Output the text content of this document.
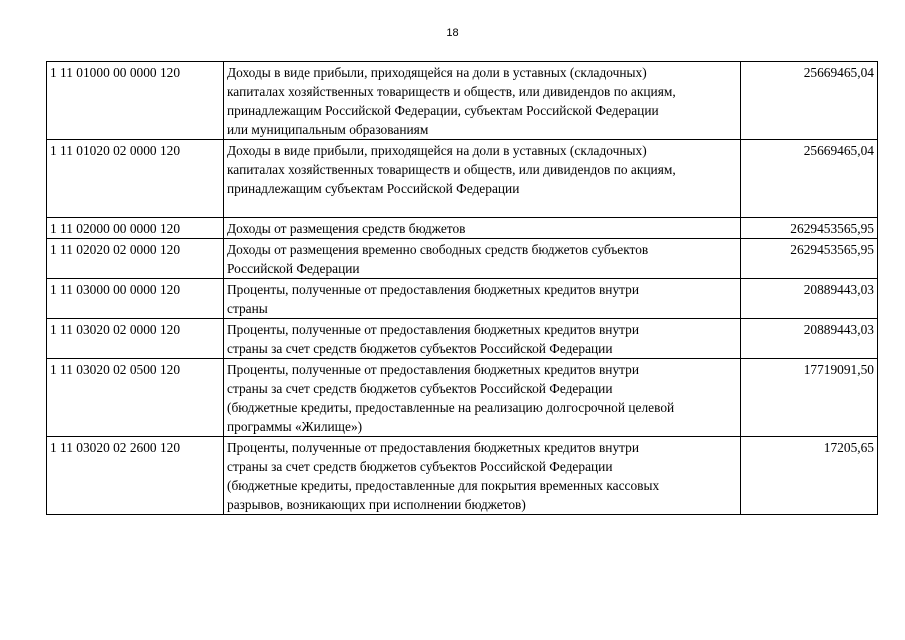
18
1 11 01000 00 0000 120	Доходы в виде прибыли, приходящейся на доли в уставных (складочных)
капиталах хозяйственных товариществ и обществ, или дивидендов по акциям,
принадлежащим Российской Федерации, субъектам Российской Федерации
или муниципальным образованиям	25669465,04
1 11 01020 02 0000 120	Доходы в виде прибыли, приходящейся на доли в уставных (складочных)
капиталах хозяйственных товариществ и обществ, или дивидендов по акциям,
принадлежащим субъектам Российской Федерации	25669465,04
1 11 02000 00 0000 120	Доходы от размещения средств бюджетов	2629453565,95
1 11 02020 02 0000 120	Доходы от размещения временно свободных средств бюджетов субъектов
Российской Федерации	2629453565,95
1 11 03000 00 0000 120	Проценты, полученные от предоставления бюджетных кредитов внутри
страны	20889443,03
1 11 03020 02 0000 120	Проценты, полученные от предоставления бюджетных кредитов внутри
страны за счет средств бюджетов субъектов Российской Федерации	20889443,03
1 11 03020 02 0500 120	Проценты, полученные от предоставления бюджетных кредитов внутри
страны за счет средств бюджетов субъектов Российской Федерации
(бюджетные кредиты, предоставленные на реализацию долгосрочной целевой
программы «Жилище»)	17719091,50
1 11 03020 02 2600 120	Проценты, полученные от предоставления бюджетных кредитов внутри
страны за счет средств бюджетов субъектов Российской Федерации
(бюджетные кредиты, предоставленные для покрытия временных кассовых
разрывов, возникающих при исполнении бюджетов)	17205,65
